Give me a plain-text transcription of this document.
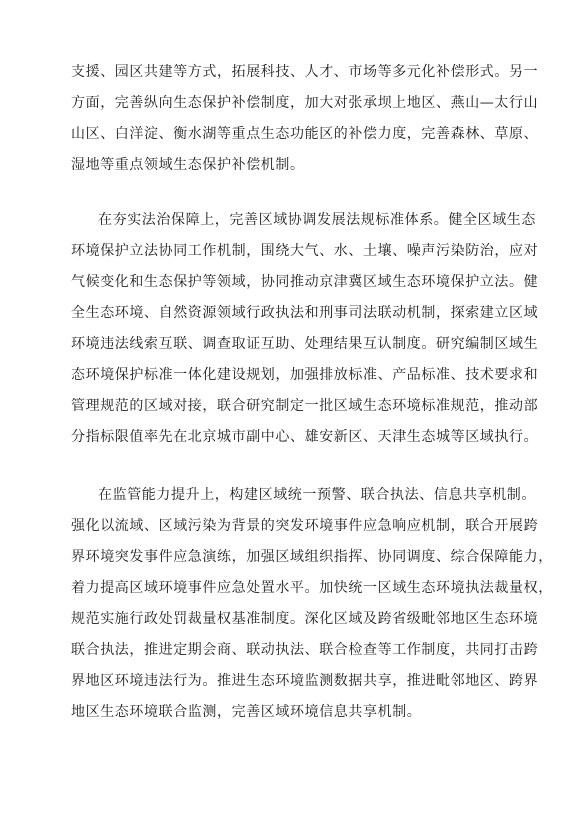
支援、园区共建等方式，拓展科技、人才、市场等多元化补偿形式。另一
方面，完善纵向生态保护补偿制度，加大对张承坝上地区、燕山—太行山
山区、白洋淀、衡水湖等重点生态功能区的补偿力度，完善森林、草原、
湿地等重点领域生态保护补偿机制。
在夯实法治保障上，完善区域协调发展法规标准体系。健全区域生态
环境保护立法协同工作机制，围绕大气、水、土壤、噪声污染防治，应对
气候变化和生态保护等领域，协同推动京津冀区域生态环境保护立法。健
全生态环境、自然资源领域行政执法和刑事司法联动机制，探索建立区域
环境违法线索互联、调查取证互助、处理结果互认制度。研究编制区域生
态环境保护标准一体化建设规划，加强排放标准、产品标准、技术要求和
管理规范的区域对接，联合研究制定一批区域生态环境标准规范，推动部
分指标限值率先在北京城市副中心、雄安新区、天津生态城等区域执行。
在监管能力提升上，构建区域统一预警、联合执法、信息共享机制。
强化以流域、区域污染为背景的突发环境事件应急响应机制，联合开展跨
界环境突发事件应急演练，加强区域组织指挥、协同调度、综合保障能力，
着力提高区域环境事件应急处置水平。加快统一区域生态环境执法裁量权，
规范实施行政处罚裁量权基准制度。深化区域及跨省级毗邻地区生态环境
联合执法，推进定期会商、联动执法、联合检查等工作制度，共同打击跨
界地区环境违法行为。推进生态环境监测数据共享，推进毗邻地区、跨界
地区生态环境联合监测，完善区域环境信息共享机制。
